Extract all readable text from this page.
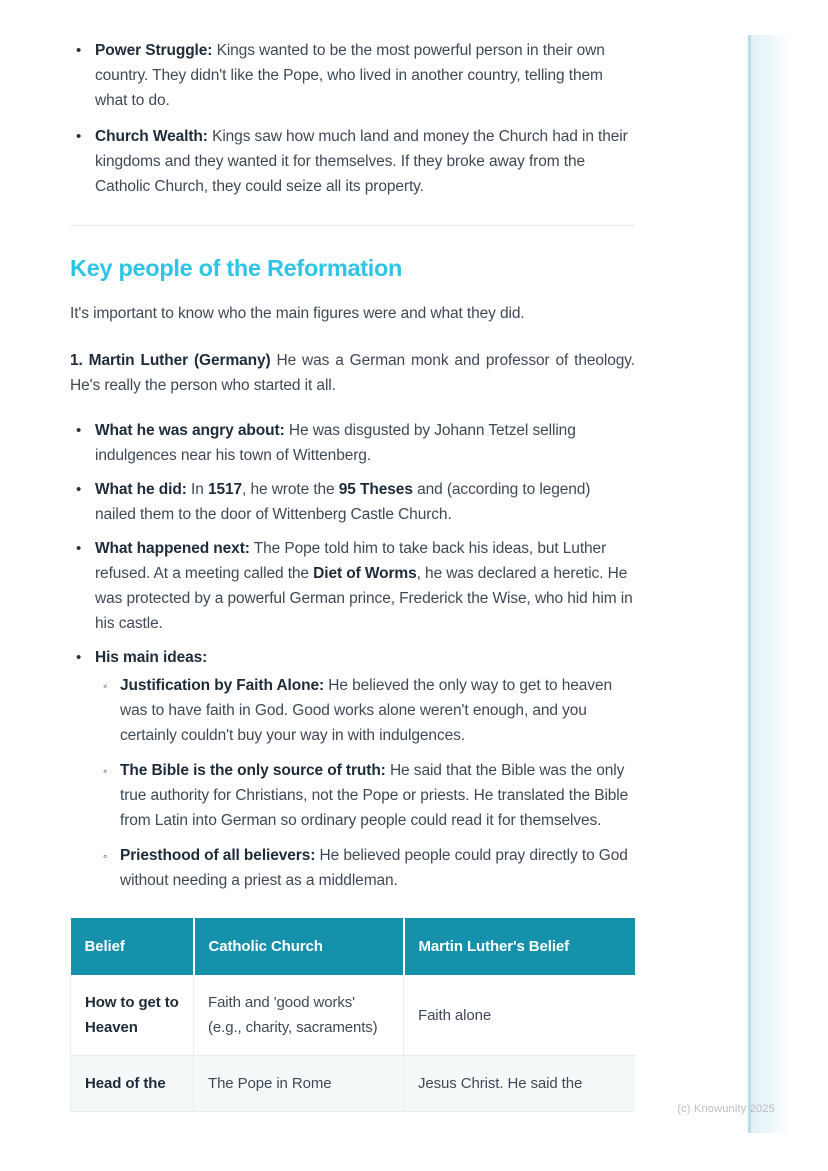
• Power Struggle: Kings wanted to be the most powerful person in their own country. They didn't like the Pope, who lived in another country, telling them what to do.

• Church Wealth: Kings saw how much land and money the Church had in their kingdoms and they wanted it for themselves. If they broke away from the Catholic Church, they could seize all its property.

Key people of the Reformation

It's important to know who the main figures were and what they did.

1. Martin Luther (Germany) He was a German monk and professor of theology. He's really the person who started it all.

• What he was angry about: He was disgusted by Johann Tetzel selling indulgences near his town of Wittenberg.

• What he did: In 1517, he wrote the 95 Theses and (according to legend) nailed them to the door of Wittenberg Castle Church.

• What happened next: The Pope told him to take back his ideas, but Luther refused. At a meeting called the Diet of Worms, he was declared a heretic. He was protected by a powerful German prince, Frederick the Wise, who hid him in his castle.

• His main ideas:

◦ Justification by Faith Alone: He believed the only way to get to heaven was to have faith in God. Good works alone weren't enough, and you certainly couldn't buy your way in with indulgences.

◦ The Bible is the only source of truth: He said that the Bible was the only true authority for Christians, not the Pope or priests. He translated the Bible from Latin into German so ordinary people could read it for themselves.

◦ Priesthood of all believers: He believed people could pray directly to God without needing a priest as a middleman.

Belief	Catholic Church	Martin Luther's Belief
How to get to Heaven	Faith and 'good works' (e.g., charity, sacraments)	Faith alone
Head of the	The Pope in Rome	Jesus Christ. He said the
(c) Knowunity 2025
